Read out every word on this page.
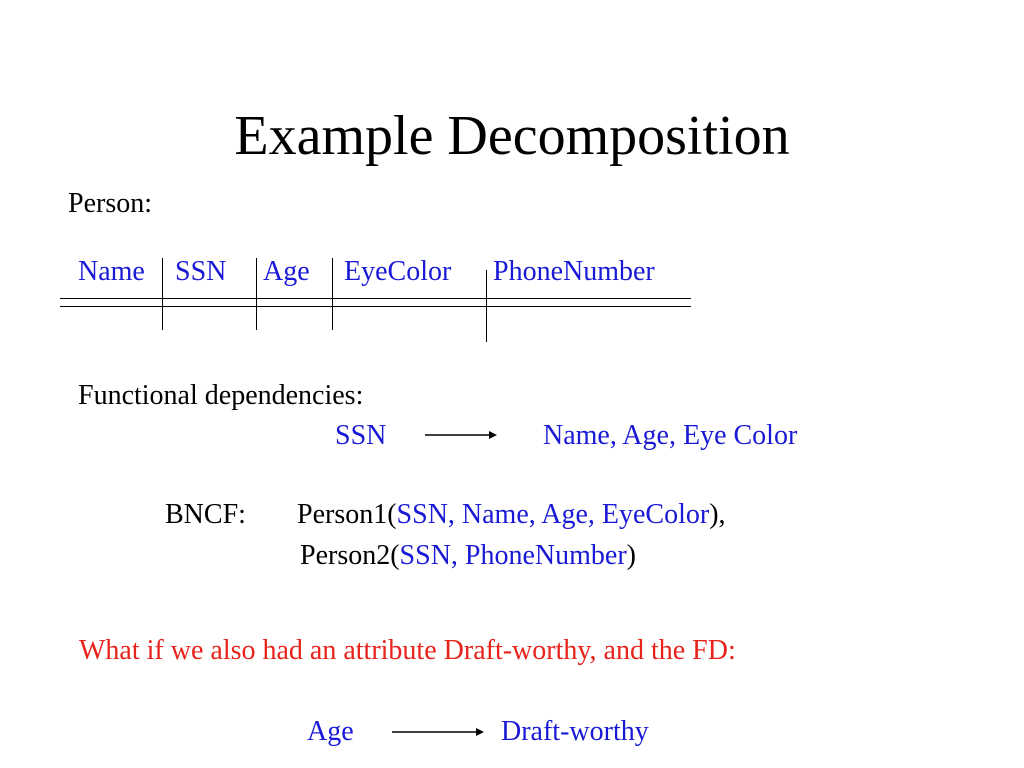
Example Decomposition
Person:
Name SSN Age EyeColor PhoneNumber
Functional dependencies:
SSN	Name, Age, Eye Color
BNCF: Person1(SSN, Name, Age, EyeColor),
Person2(SSN, PhoneNumber)
What if we also had an attribute Draft-worthy, and the FD:
Age	Draft-worthy
